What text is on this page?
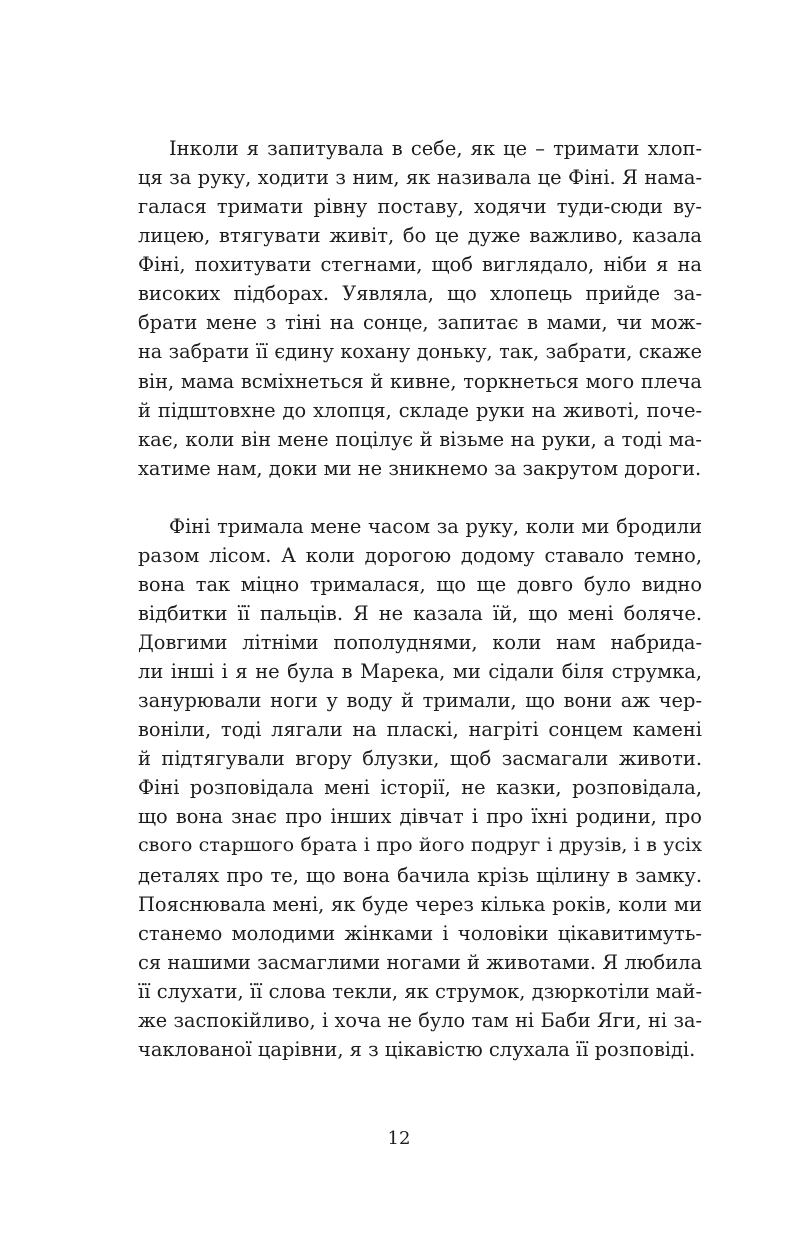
Інколи я запитувала в себе, як це – тримати хлоп-
ця за руку, ходити з ним, як називала це Фіні. Я нама-
галася тримати рівну поставу, ходячи туди-сюди ву-
лицею, втягувати живіт, бо це дуже важливо, казала
Фіні, похитувати стегнами, щоб виглядало, ніби я на
високих підборах. Уявляла, що хлопець прийде за-
брати мене з тіні на сонце, запитає в мами, чи мож-
на забрати її єдину кохану доньку, так, забрати, скаже
він, мама всміхнеться й кивне, торкнеться мого плеча
й підштовхне до хлопця, складе руки на животі, поче-
кає, коли він мене поцілує й візьме на руки, а тоді ма-
хатиме нам, доки ми не зникнемо за закрутом дороги.
Фіні тримала мене часом за руку, коли ми бродили
разом лісом. А коли дорогою додому ставало темно,
вона так міцно трималася, що ще довго було видно
відбитки її пальців. Я не казала їй, що мені боляче.
Довгими літніми пополуднями, коли нам набрида-
ли інші і я не була в Марека, ми сідали біля струмка,
занурювали ноги у воду й тримали, що вони аж чер-
воніли, тоді лягали на пласкі, нагріті сонцем камені
й підтягували вгору блузки, щоб засмагали животи.
Фіні розповідала мені історії, не казки, розповідала,
що вона знає про інших дівчат і про їхні родини, про
свого старшого брата і про його подруг і друзів, і в усіх
деталях про те, що вона бачила крізь щілину в замку.
Пояснювала мені, як буде через кілька років, коли ми
станемо молодими жінками і чоловіки цікавитимуть-
ся нашими засмаглими ногами й животами. Я любила
її слухати, її слова текли, як струмок, дзюркотіли май-
же заспокійливо, і хоча не було там ні Баби Яги, ні за-
чаклованої царівни, я з цікавістю слухала її розповіді.
12
